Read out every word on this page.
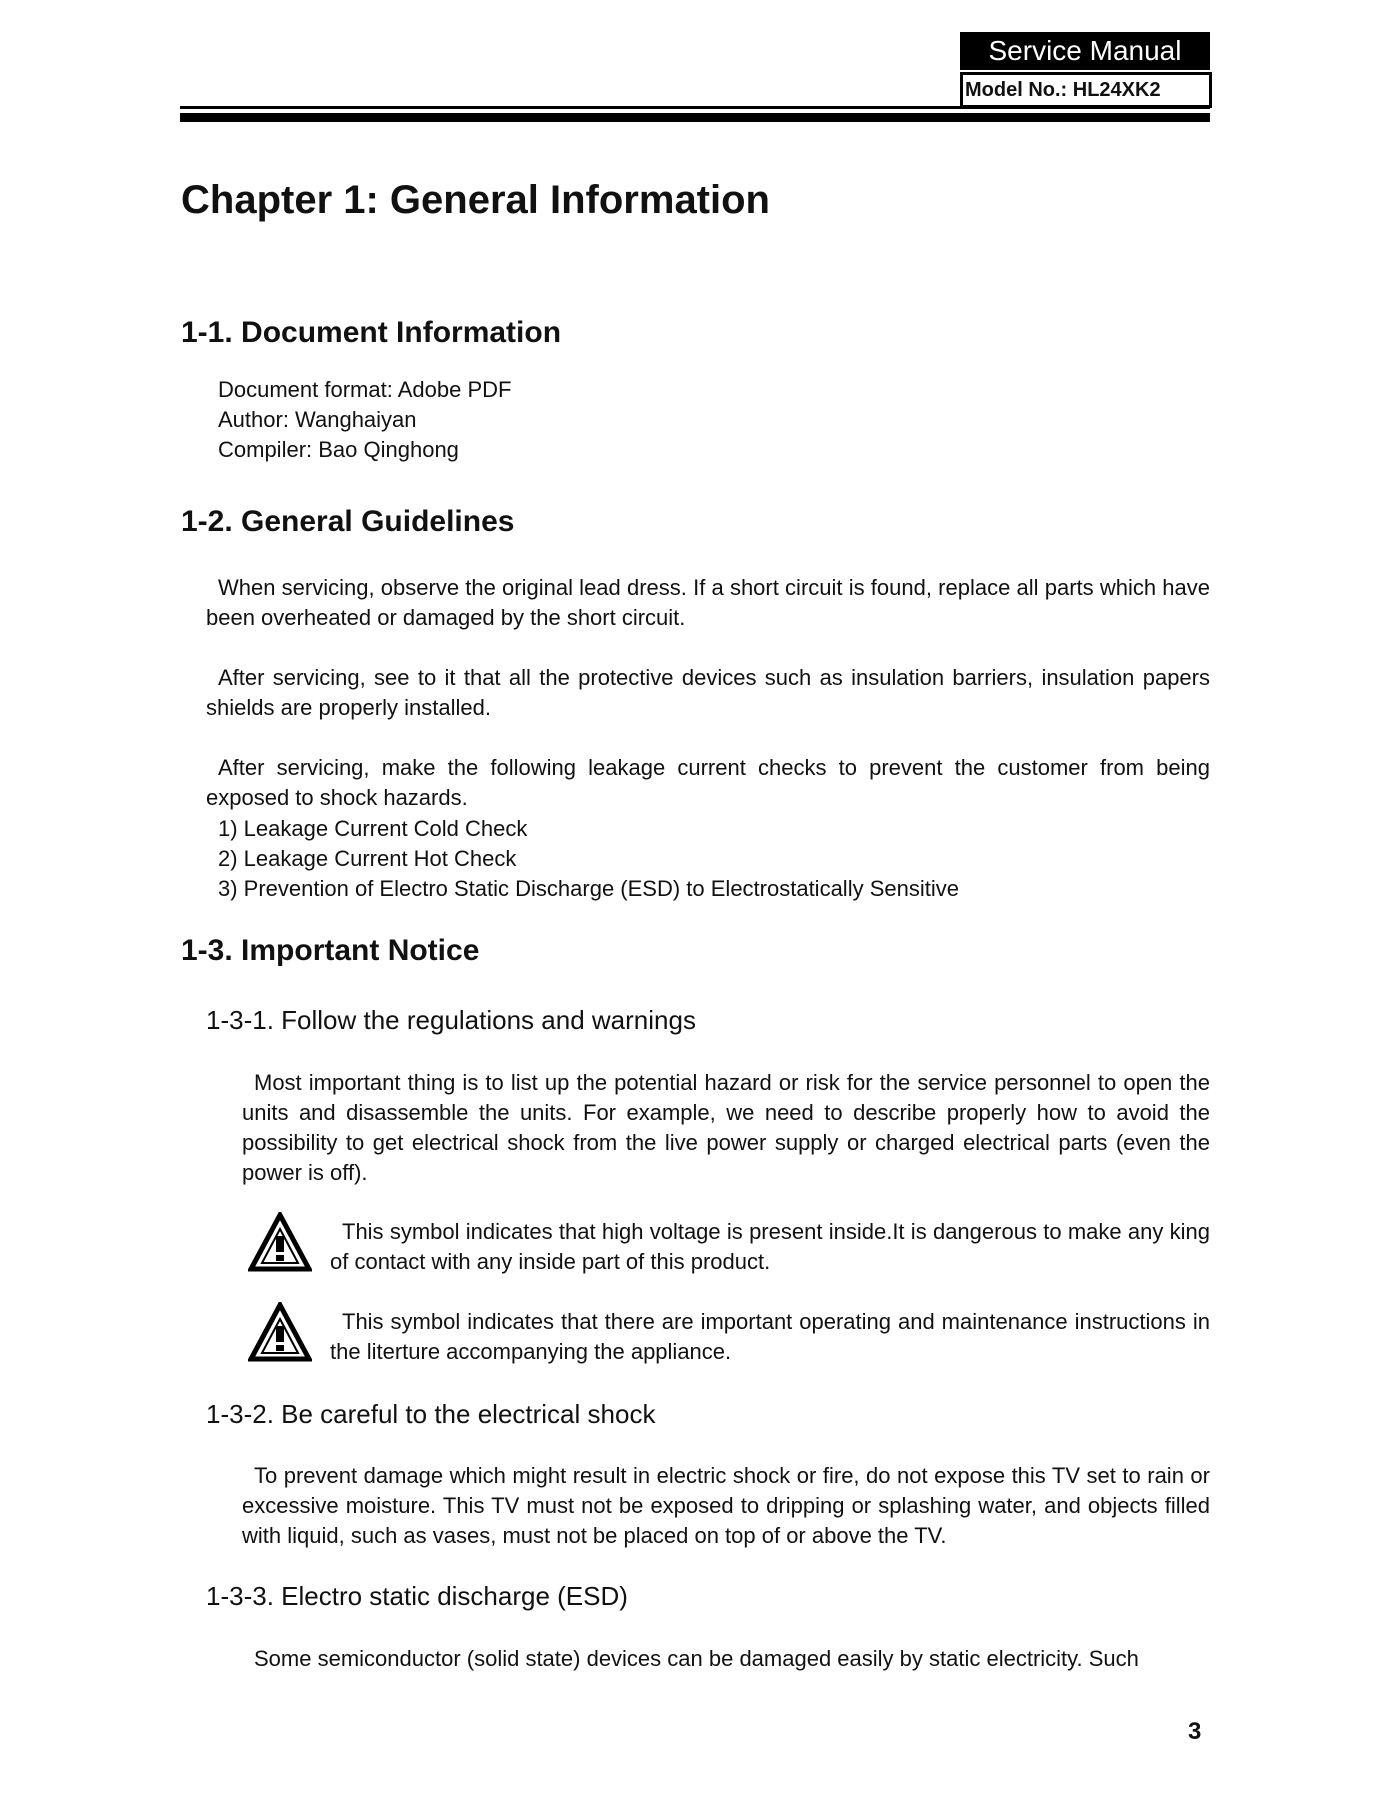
Service Manual
Model No.: HL24XK2
Chapter 1: General Information
1-1. Document Information
Document format: Adobe PDF
Author: Wanghaiyan
Compiler: Bao Qinghong
1-2. General Guidelines
When servicing, observe the original lead dress. If a short circuit is found, replace all parts which have been overheated or damaged by the short circuit.
After servicing, see to it that all the protective devices such as insulation barriers, insulation papers shields are properly installed.
After servicing, make the following leakage current checks to prevent the customer from being exposed to shock hazards.
1) Leakage Current Cold Check
2) Leakage Current Hot Check
3) Prevention of Electro Static Discharge (ESD) to Electrostatically Sensitive
1-3. Important Notice
1-3-1. Follow the regulations and warnings
Most important thing is to list up the potential hazard or risk for the service personnel to open the units and disassemble the units. For example, we need to describe properly how to avoid the possibility to get electrical shock from the live power supply or charged electrical parts (even the power is off).
This symbol indicates that high voltage is present inside.It is dangerous to make any king of contact with any inside part of this product.
This symbol indicates that there are important operating and maintenance instructions in the literture accompanying the appliance.
1-3-2. Be careful to the electrical shock
To prevent damage which might result in electric shock or fire, do not expose this TV set to rain or excessive moisture. This TV must not be exposed to dripping or splashing water, and objects filled with liquid, such as vases, must not be placed on top of or above the TV.
1-3-3. Electro static discharge (ESD)
Some semiconductor (solid state) devices can be damaged easily by static electricity. Such
3
